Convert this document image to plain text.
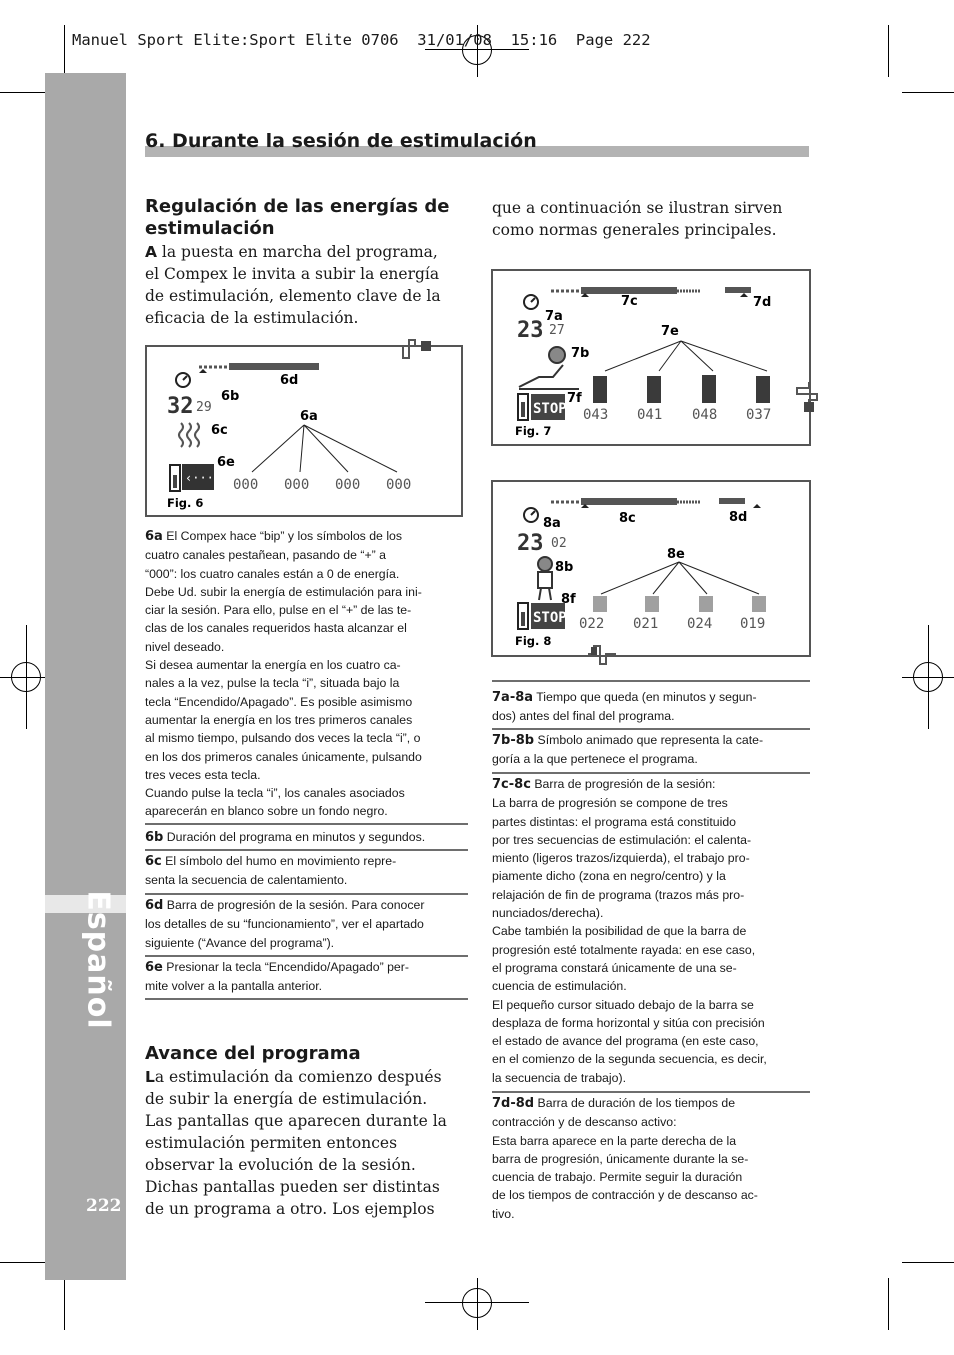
Manuel Sport Elite:Sport Elite 0706  31/01/08  15:16  Page 222
Español
222
6. Durante la sesión de estimulación
Regulación de las energías de estimulación
A la puesta en marcha del programa,
el Compex le invita a subir la energía
de estimulación, elemento clave de la
eficacia de la estimulación.
que a continuación se ilustran sirven
como normas generales principales.
32 29
‹··· 000 000 000 000
6d
6b
6a
6c
6e
Fig. 6
23 27
STOP 043 041 048 037
7c	7d
7a
7e
7b
7f
Fig. 7
23 02
STOP 022 021 024 019
8c	8d
8a
8e
8b
8f
Fig. 8
6a El Compex hace “bip” y los símbolos de los
cuatro canales pestañean, pasando de “+” a
“000”: los cuatro canales están a 0 de energía.
Debe Ud. subir la energía de estimulación para ini-
ciar la sesión. Para ello, pulse en el “+” de las te-
clas de los canales requeridos hasta alcanzar el
nivel deseado.
Si desea aumentar la energía en los cuatro ca-
nales a la vez, pulse la tecla “i”, situada bajo la
tecla “Encendido/Apagado”. Es posible asimismo
aumentar la energía en los tres primeros canales
al mismo tiempo, pulsando dos veces la tecla “i”, o
en los dos primeros canales únicamente, pulsando
tres veces esta tecla.
Cuando pulse la tecla “i”, los canales asociados
aparecerán en blanco sobre un fondo negro.
6b Duración del programa en minutos y segundos.
6c El símbolo del humo en movimiento repre-
senta la secuencia de calentamiento.
6d Barra de progresión de la sesión. Para conocer
los detalles de su “funcionamiento”, ver el apartado
siguiente (“Avance del programa”).
6e Presionar la tecla “Encendido/Apagado” per-
mite volver a la pantalla anterior.
Avance del programa
La estimulación da comienzo después
de subir la energía de estimulación.
Las pantallas que aparecen durante la
estimulación permiten entonces
observar la evolución de la sesión.
Dichas pantallas pueden ser distintas
de un programa a otro. Los ejemplos
7a-8a Tiempo que queda (en minutos y segun-
dos) antes del final del programa.
7b-8b Símbolo animado que representa la cate-
goría a la que pertenece el programa.
7c-8c Barra de progresión de la sesión:
La barra de progresión se compone de tres
partes distintas: el programa está constituido
por tres secuencias de estimulación: el calenta-
miento (ligeros trazos/izquierda), el trabajo pro-
piamente dicho (zona en negro/centro) y la
relajación de fin de programa (trazos más pro-
nunciados/derecha).
Cabe también la posibilidad de que la barra de
progresión esté totalmente rayada: en ese caso,
el programa constará únicamente de una se-
cuencia de estimulación.
El pequeño cursor situado debajo de la barra se
desplaza de forma horizontal y sitúa con precisión
el estado de avance del programa (en este caso,
en el comienzo de la segunda secuencia, es decir,
la secuencia de trabajo).
7d-8d Barra de duración de los tiempos de
contracción y de descanso activo:
Esta barra aparece en la parte derecha de la
barra de progresión, únicamente durante la se-
cuencia de trabajo. Permite seguir la duración
de los tiempos de contracción y de descanso ac-
tivo.
